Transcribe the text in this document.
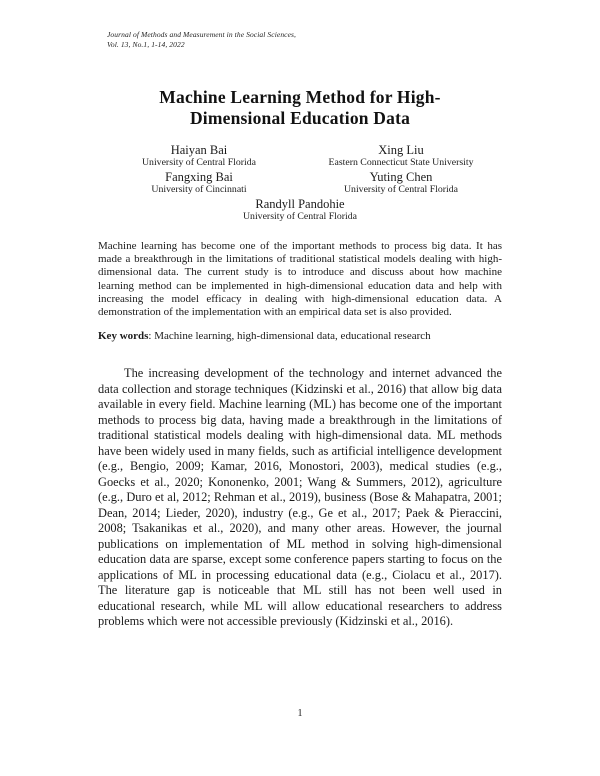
Journal of Methods and Measurement in the Social Sciences,
Vol. 13, No.1, 1-14, 2022
Machine Learning Method for High-
Dimensional Education Data
Haiyan Bai
University of Central Florida
Fangxing Bai
University of Cincinnati
Xing Liu
Eastern Connecticut State University
Yuting Chen
University of Central Florida
Randyll Pandohie
University of Central Florida
Machine learning has become one of the important methods to process big data. It has made a breakthrough in the limitations of traditional statistical models dealing with high-dimensional data. The current study is to introduce and discuss about how machine learning method can be implemented in high-dimensional education data and help with increasing the model efficacy in dealing with high-dimensional education data. A demonstration of the implementation with an empirical data set is also provided.
Key words: Machine learning, high-dimensional data, educational research
The increasing development of the technology and internet advanced the data collection and storage techniques (Kidzinski et al., 2016) that allow big data available in every field. Machine learning (ML) has become one of the important methods to process big data, having made a breakthrough in the limitations of traditional statistical models dealing with high-dimensional data. ML methods have been widely used in many fields, such as artificial intelligence development (e.g., Bengio, 2009; Kamar, 2016, Monostori, 2003), medical studies (e.g., Goecks et al., 2020; Kononenko, 2001; Wang & Summers, 2012), agriculture (e.g., Duro et al, 2012; Rehman et al., 2019), business (Bose & Mahapatra, 2001; Dean, 2014; Lieder, 2020), industry (e.g., Ge et al., 2017; Paek & Pieraccini, 2008; Tsakanikas et al., 2020), and many other areas. However, the journal publications on implementation of ML method in solving high-dimensional education data are sparse, except some conference papers starting to focus on the applications of ML in processing educational data (e.g., Ciolacu et al., 2017). The literature gap is noticeable that ML still has not been well used in educational research, while ML will allow educational researchers to address problems which were not accessible previously (Kidzinski et al., 2016).
1
